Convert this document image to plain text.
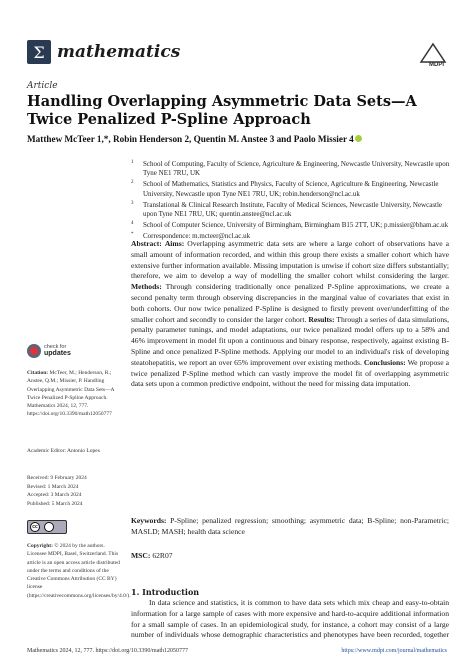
Σ mathematics
MDPI
Article
Handling Overlapping Asymmetric Data Sets—A Twice Penalized P-Spline Approach
Matthew McTeer 1,*, Robin Henderson 2, Quentin M. Anstee 3 and Paolo Missier 4
1 School of Computing, Faculty of Science, Agriculture & Engineering, Newcastle University, Newcastle upon Tyne NE1 7RU, UK
2 School of Mathematics, Statistics and Physics, Faculty of Science, Agriculture & Engineering, Newcastle University, Newcastle upon Tyne NE1 7RU, UK; robin.henderson@ncl.ac.uk
3 Translational & Clinical Research Institute, Faculty of Medical Sciences, Newcastle University, Newcastle upon Tyne NE1 7RU, UK; quentin.anstee@ncl.ac.uk
4 School of Computer Science, University of Birmingham, Birmingham B15 2TT, UK; p.missier@bham.ac.uk
* Correspondence: m.mcteer@ncl.ac.uk
Abstract: Aims: Overlapping asymmetric data sets are where a large cohort of observations have a small amount of information recorded, and within this group there exists a smaller cohort which have extensive further information available. Missing imputation is unwise if cohort size differs substantially; therefore, we aim to develop a way of modelling the smaller cohort whilst considering the larger. Methods: Through considering traditionally once penalized P-Spline approximations, we create a second penalty term through observing discrepancies in the marginal value of covariates that exist in both cohorts. Our now twice penalized P-Spline is designed to firstly prevent over/underfitting of the smaller cohort and secondly to consider the larger cohort. Results: Through a series of data simulations, penalty parameter tunings, and model adaptations, our twice penalized model offers up to a 58% and 46% improvement in model fit upon a continuous and binary response, respectively, against existing B-Spline and once penalized P-Spline methods. Applying our model to an individual's risk of developing steatohepatitis, we report an over 65% improvement over existing methods. Conclusions: We propose a twice penalized P-Spline method which can vastly improve the model fit of overlapping asymmetric data sets upon a common predictive endpoint, without the need for missing data imputation.
Keywords: P-Spline; penalized regression; smoothing; asymmetric data; B-Spline; non-Parametric; MASLD; MASH; health data science
MSC: 62R07
check for
updates
Citation: McTeer, M.; Henderson, R.; Anstee, Q.M.; Missier, P. Handling Overlapping Asymmetric Data Sets—A Twice Penalized P-Spline Approach. Mathematics 2024, 12, 777. https://doi.org/10.3390/math12050777
Academic Editor: Antonio Lopes
Received: 9 February 2024
Revised: 1 March 2024
Accepted: 3 March 2024
Published: 5 March 2024
cc
Copyright: © 2024 by the authors. Licensee MDPI, Basel, Switzerland. This article is an open access article distributed under the terms and conditions of the Creative Commons Attribution (CC BY) license (https://creativecommons.org/licenses/by/4.0/). 1. Introduction

In data science and statistics, it is common to have data sets which mix cheap and easy-to-obtain information for a large sample of cases with more expensive and hard-to-acquire additional information for a small sample of cases. In an epidemiological study, for instance, a cohort may consist of a large number of individuals whose demographic characteristics and phenotypes have been recorded, together

Mathematics 2024, 12, 777. https://doi.org/10.3390/math12050777	https://www.mdpi.com/journal/mathematics
